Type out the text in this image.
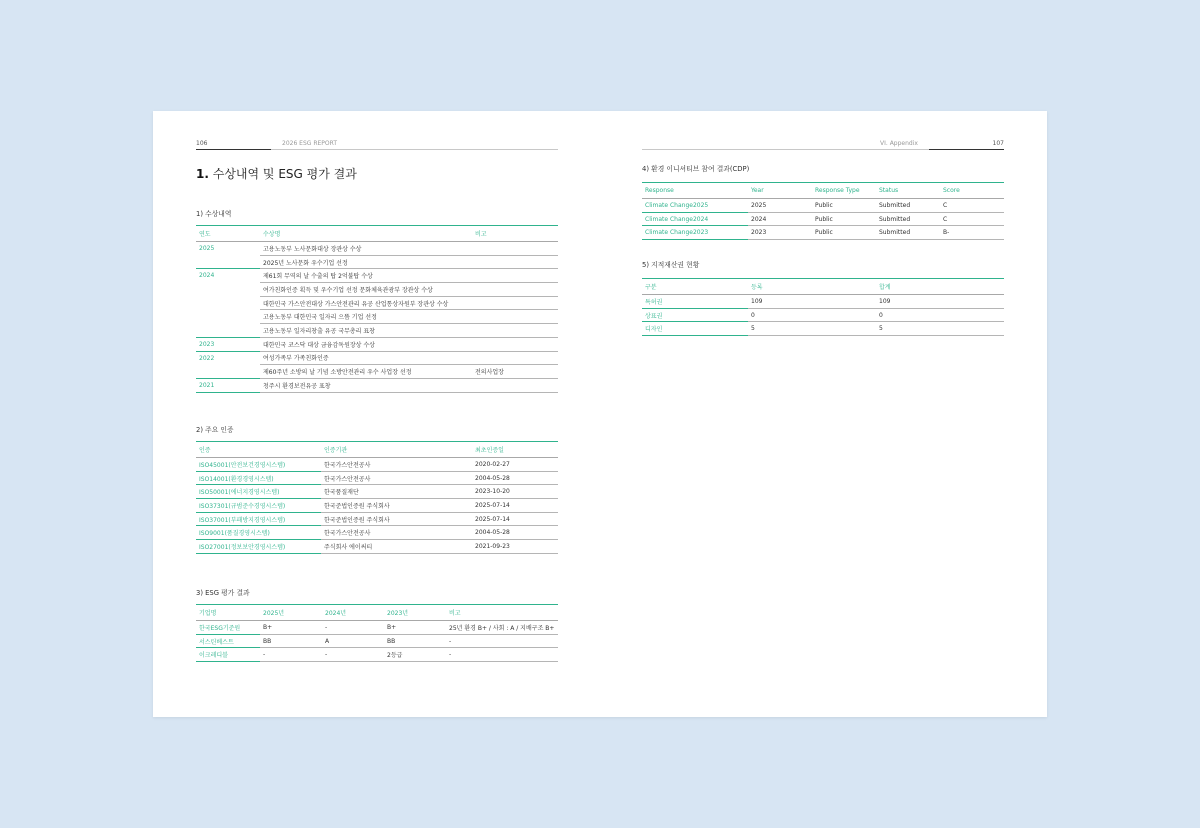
106	2026 ESG REPORT
1. 수상내역 및 ESG 평가 결과
1) 수상내역
연도	수상명	비고
2025	고용노동부 노사문화대상 장관상 수상	
	2025년 노사문화 우수기업 선정	
2024	제61회 무역의 날 수출의 탑 2억불탑 수상	
	여가친화인증 획득 및 우수기업 선정 문화체육관광부 장관상 수상	
	대한민국 가스안전대상 가스안전관리 유공 산업통상자원부 장관상 수상	
	고용노동부 대한민국 일자리 으뜸 기업 선정	
	고용노동부 일자리창출 유공 국무총리 표창	
2023	대한민국 코스닥 대상 금융감독원장상 수상	
2022	여성가족부 가족친화인증	
	제60주년 소방의 날 기념 소방안전관리 우수 사업장 선정	전의사업장
2021	청주시 환경보전유공 표창	
2) 주요 인증
인증	인증기관	최초인증일
ISO45001(안전보건경영시스템)	한국가스안전공사	2020-02-27
ISO14001(환경경영시스템)	한국가스안전공사	2004-05-28
ISO50001(에너지경영시스템)	한국품질재단	2023-10-20
ISO37301(규범준수경영시스템)	한국준법인증원 주식회사	2025-07-14
ISO37001(부패방지경영시스템)	한국준법인증원 주식회사	2025-07-14
ISO9001(품질경영시스템)	한국가스안전공사	2004-05-28
ISO27001(정보보안경영시스템)	주식회사 에이써티	2021-09-23
3) ESG 평가 결과
기업명	2025년	2024년	2023년	비고
한국ESG기준원	B+	-	B+	25년 환경 B+ / 사회 : A / 지배구조 B+
서스틴베스트	BB	A	BB	-
이크레디블	-	-	2등급	-
VI. Appendix	107
4) 환경 이니셔티브 참여 결과(CDP)
Response	Year	Response Type	Status	Score
Climate Change2025	2025	Public	Submitted	C
Climate Change2024	2024	Public	Submitted	C
Climate Change2023	2023	Public	Submitted	B-
5) 지적재산권 현황
구분	등록	합계
특허권	109	109
상표권	0	0
디자인	5	5
